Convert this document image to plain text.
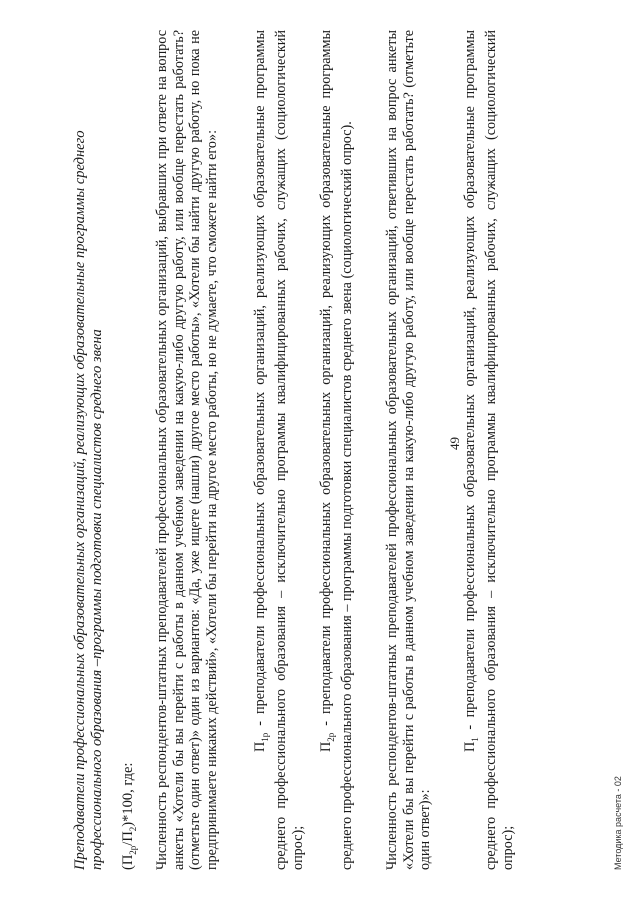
49
Преподаватели профессиональных образовательных организаций, реализующих образовательные программы среднего профессионального образования –программы подготовки специалистов среднего звена $(П_{2р}/П_2)*100$, где:	Численность респондентов-штатных преподавателей профессиональных образовательных организаций, выбравших при ответе на вопрос анкеты «Хотели бы вы перейти с работы в данном учебном заведении на какую-либо другую работу, или вообще перестать работать? (отметьте один ответ)» один из вариантов: «Да, уже ищете (нашли) другое место работы», «Хотели бы найти другую работу, но пока не предпринимаете никаких действий», «Хотели бы перейти на другое место работы, но не думаете, что сможете найти его»: $П_{1р}$ - преподаватели профессиональных образовательных организаций, реализующих образовательные программы среднего профессионального образования – исключительно программы квалифицированных рабочих, служащих (социологический опрос);
$П_{2р}$ - преподаватели профессиональных образовательных организаций, реализующих образовательные программы среднего профессионального образования – программы подготовки специалистов среднего звена (социологический опрос). Численность респондентов-штатных преподавателей профессиональных образовательных организаций, ответивших на вопрос анкеты «Хотели бы вы перейти с работы в данном учебном заведении на какую-либо другую работу, или вообще перестать работать? (отметьте один ответ)»:
$П_1$ - преподаватели профессиональных образовательных организаций, реализующих образовательные программы среднего профессионального образования – исключительно программы квалифицированных рабочих, служащих (социологический опрос);	Методика расчета - 02
